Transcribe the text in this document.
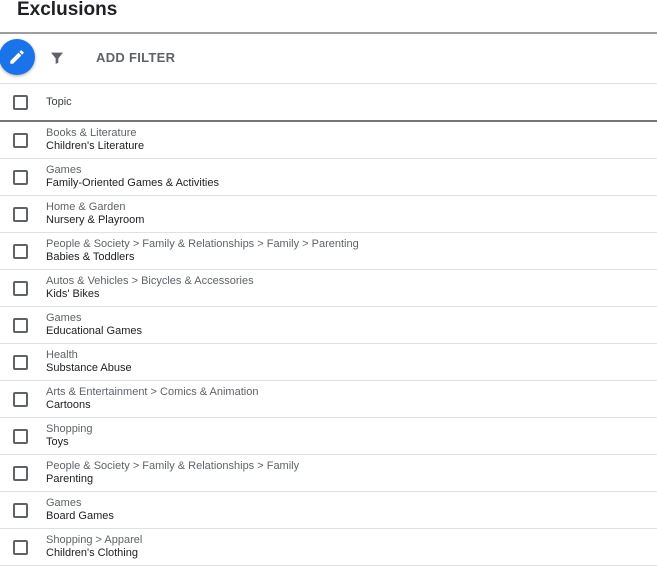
Exclusions
ADD FILTER
Topic
Books & Literature
Children's Literature
Games
Family-Oriented Games & Activities
Home & Garden
Nursery & Playroom
People & Society > Family & Relationships > Family > Parenting
Babies & Toddlers
Autos & Vehicles > Bicycles & Accessories
Kids' Bikes
Games
Educational Games
Health
Substance Abuse
Arts & Entertainment > Comics & Animation
Cartoons
Shopping
Toys
People & Society > Family & Relationships > Family
Parenting
Games
Board Games
Shopping > Apparel
Children's Clothing
